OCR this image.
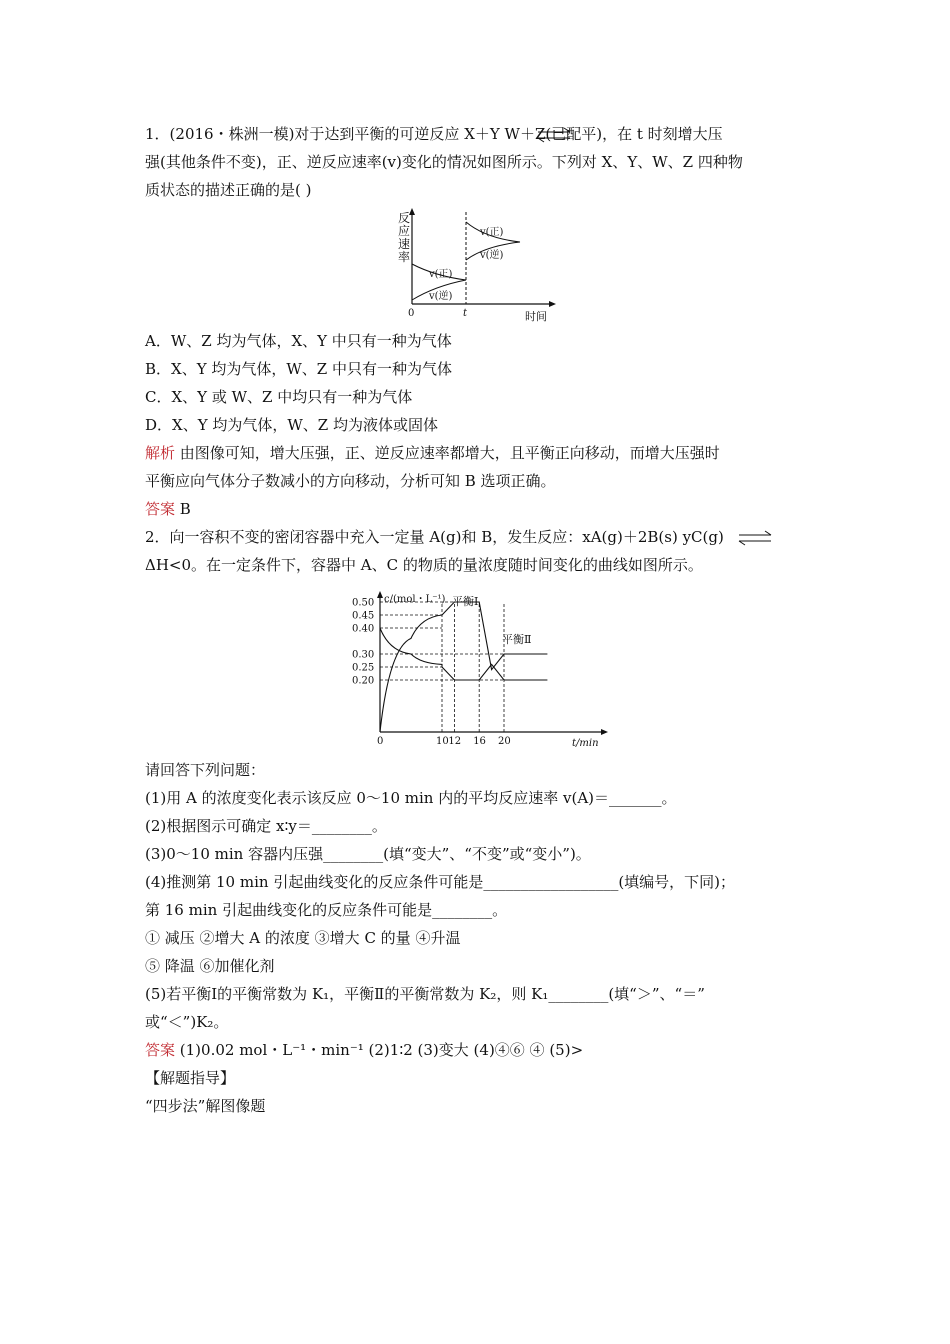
1．(2016・株洲一模)对于达到平衡的可逆反应 X＋Y W＋Z(已配平)，在 t 时刻增大压
强(其他条件不变)，正、逆反应速率(v)变化的情况如图所示。下列对 X、Y、W、Z 四种物
质状态的描述正确的是( )
反
应
速
率
0	t	时间
v(正)
v(逆)
v(正)
v(逆)
A．W、Z 均为气体，X、Y 中只有一种为气体
B．X、Y 均为气体，W、Z 中只有一种为气体
C．X、Y 或 W、Z 中均只有一种为气体
D．X、Y 均为气体，W、Z 均为液体或固体
解析 由图像可知，增大压强，正、逆反应速率都增大，且平衡正向移动，而增大压强时
平衡应向气体分子数减小的方向移动，分析可知 B 选项正确。
答案 B
2．向一容积不变的密闭容器中充入一定量 A(g)和 B，发生反应：xA(g)＋2B(s) yC(g)
ΔH<0。在一定条件下，容器中 A、C 的物质的量浓度随时间变化的曲线如图所示。
c/(mol・L⁻¹)
t/min
平衡Ⅰ
平衡Ⅱ
0.50
0.45
0.40
0.30
0.25
0.20
0	10 12 16 20
请回答下列问题：
(1)用 A 的浓度变化表示该反应 0～10 min 内的平均反应速率 v(A)＝_______。
(2)根据图示可确定 x∶y＝________。
(3)0～10 min 容器内压强________(填“变大”、“不变”或“变小”)。
(4)推测第 10 min 引起曲线变化的反应条件可能是__________________(填编号，下同)；
第 16 min 引起曲线变化的反应条件可能是________。
① 减压 ②增大 A 的浓度 ③增大 C 的量 ④升温
⑤ 降温 ⑥加催化剂
(5)若平衡Ⅰ的平衡常数为 K₁，平衡Ⅱ的平衡常数为 K₂，则 K₁________(填“＞”、“＝”
或“＜”)K₂。
答案 (1)0.02 mol・L⁻¹・min⁻¹ (2)1∶2 (3)变大 (4)④⑥ ④ (5)>
【解题指导】
“四步法”解图像题
